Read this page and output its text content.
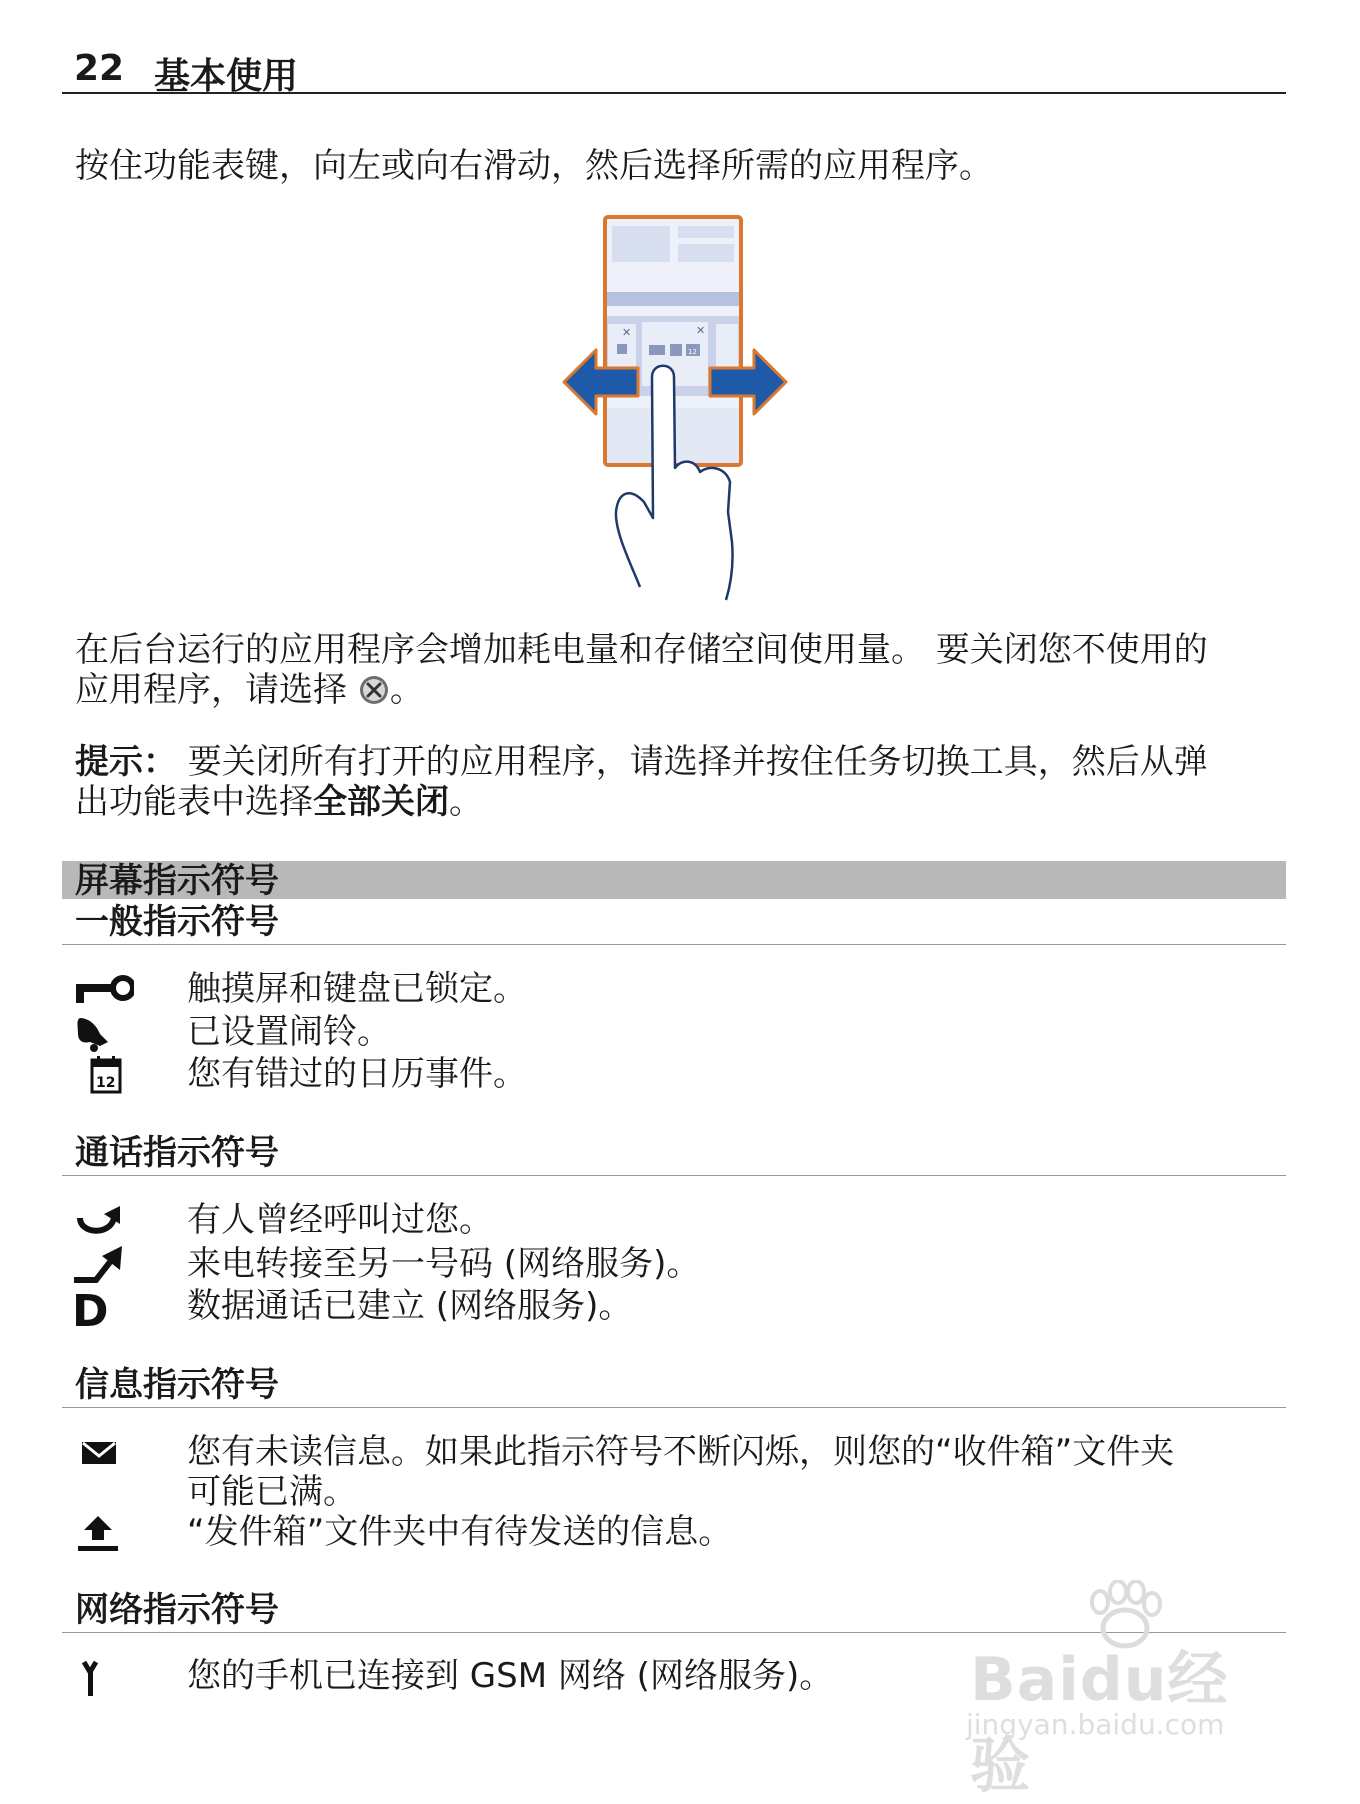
22 基本使用
按住功能表键，向左或向右滑动，然后选择所需的应用程序。
✕	✕
12
在后台运行的应用程序会增加耗电量和存储空间使用量。 要关闭您不使用的
应用程序，请选择 。
提示： 要关闭所有打开的应用程序，请选择并按住任务切换工具，然后从弹
出功能表中选择全部关闭。
屏幕指示符号
一般指示符号
触摸屏和键盘已锁定。
已设置闹铃。
12 您有错过的日历事件。
通话指示符号
有人曾经呼叫过您。
来电转接至另一号码 (网络服务)。
D 数据通话已建立 (网络服务)。
信息指示符号
您有未读信息。如果此指示符号不断闪烁，则您的“收件箱”文件夹
可能已满。
“发件箱”文件夹中有待发送的信息。
网络指示符号
您的手机已连接到 GSM 网络 (网络服务)。	Baidu经验
jingyan.baidu.com
